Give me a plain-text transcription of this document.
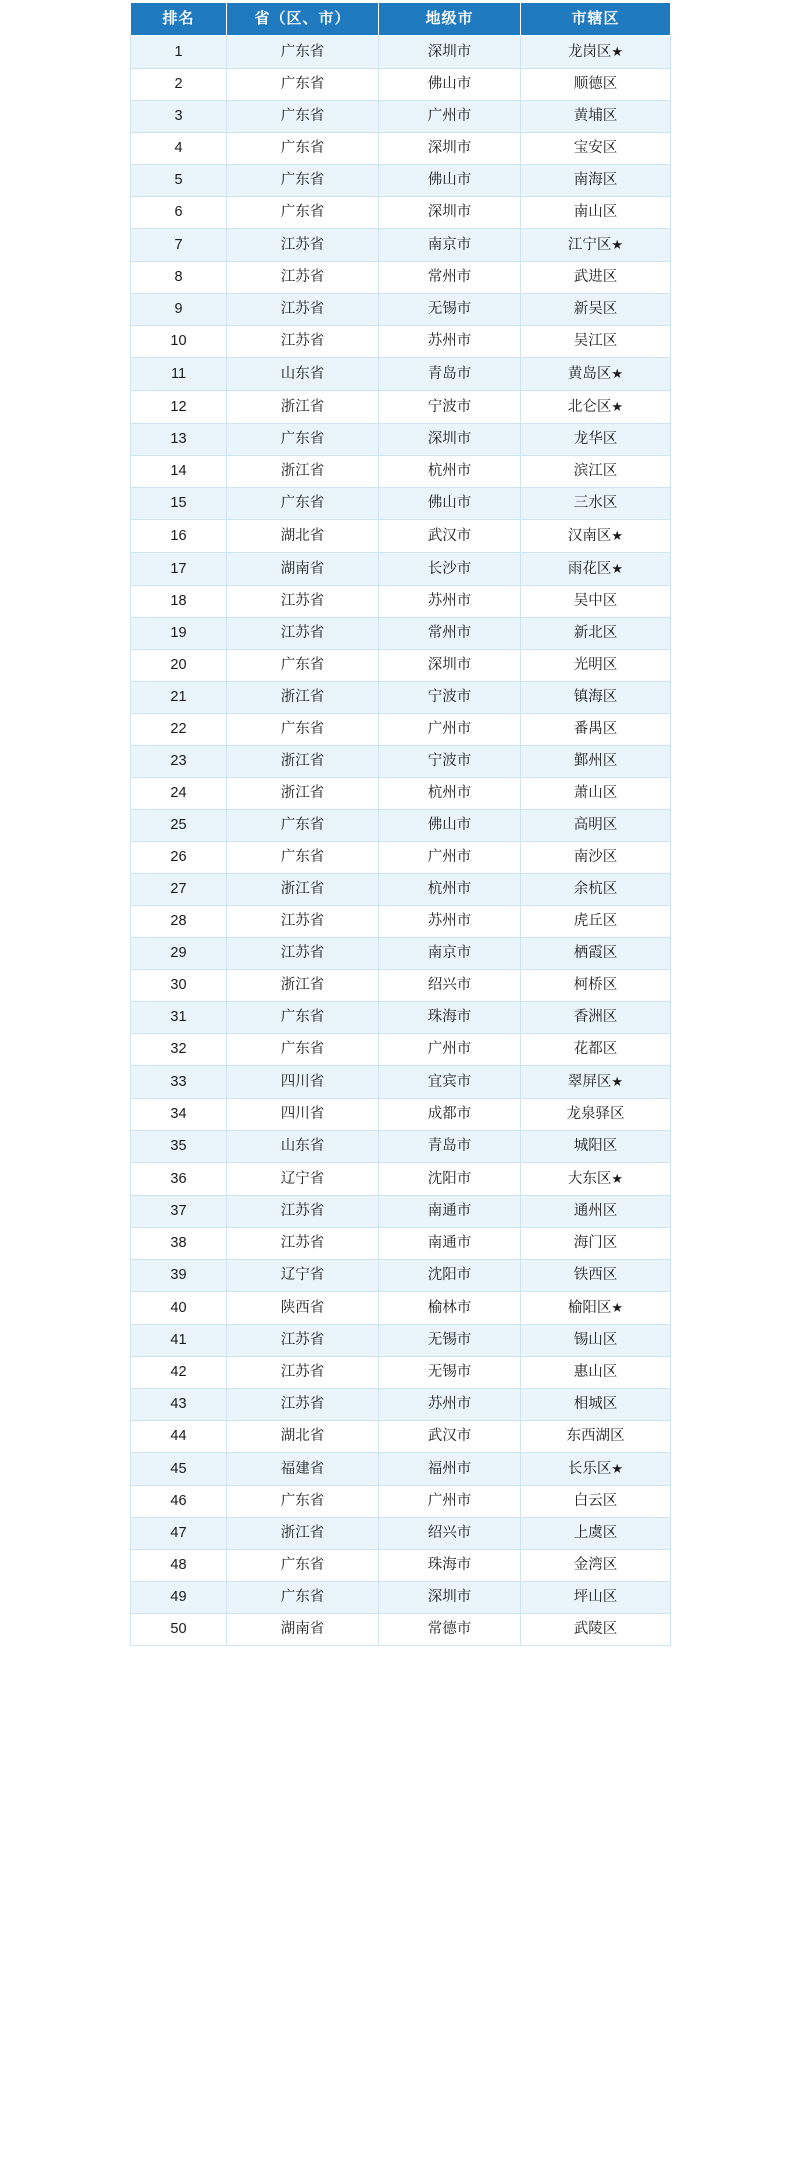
排名	省（区、市）	地级市	市辖区
1	广东省	深圳市	龙岗区★
2	广东省	佛山市	顺德区
3	广东省	广州市	黄埔区
4	广东省	深圳市	宝安区
5	广东省	佛山市	南海区
6	广东省	深圳市	南山区
7	江苏省	南京市	江宁区★
8	江苏省	常州市	武进区
9	江苏省	无锡市	新吴区
10	江苏省	苏州市	吴江区
11	山东省	青岛市	黄岛区★
12	浙江省	宁波市	北仑区★
13	广东省	深圳市	龙华区
14	浙江省	杭州市	滨江区
15	广东省	佛山市	三水区
16	湖北省	武汉市	汉南区★
17	湖南省	长沙市	雨花区★
18	江苏省	苏州市	吴中区
19	江苏省	常州市	新北区
20	广东省	深圳市	光明区
21	浙江省	宁波市	镇海区
22	广东省	广州市	番禺区
23	浙江省	宁波市	鄞州区
24	浙江省	杭州市	萧山区
25	广东省	佛山市	高明区
26	广东省	广州市	南沙区
27	浙江省	杭州市	余杭区
28	江苏省	苏州市	虎丘区
29	江苏省	南京市	栖霞区
30	浙江省	绍兴市	柯桥区
31	广东省	珠海市	香洲区
32	广东省	广州市	花都区
33	四川省	宜宾市	翠屏区★
34	四川省	成都市	龙泉驿区
35	山东省	青岛市	城阳区
36	辽宁省	沈阳市	大东区★
37	江苏省	南通市	通州区
38	江苏省	南通市	海门区
39	辽宁省	沈阳市	铁西区
40	陕西省	榆林市	榆阳区★
41	江苏省	无锡市	锡山区
42	江苏省	无锡市	惠山区
43	江苏省	苏州市	相城区
44	湖北省	武汉市	东西湖区
45	福建省	福州市	长乐区★
46	广东省	广州市	白云区
47	浙江省	绍兴市	上虞区
48	广东省	珠海市	金湾区
49	广东省	深圳市	坪山区
50	湖南省	常德市	武陵区
